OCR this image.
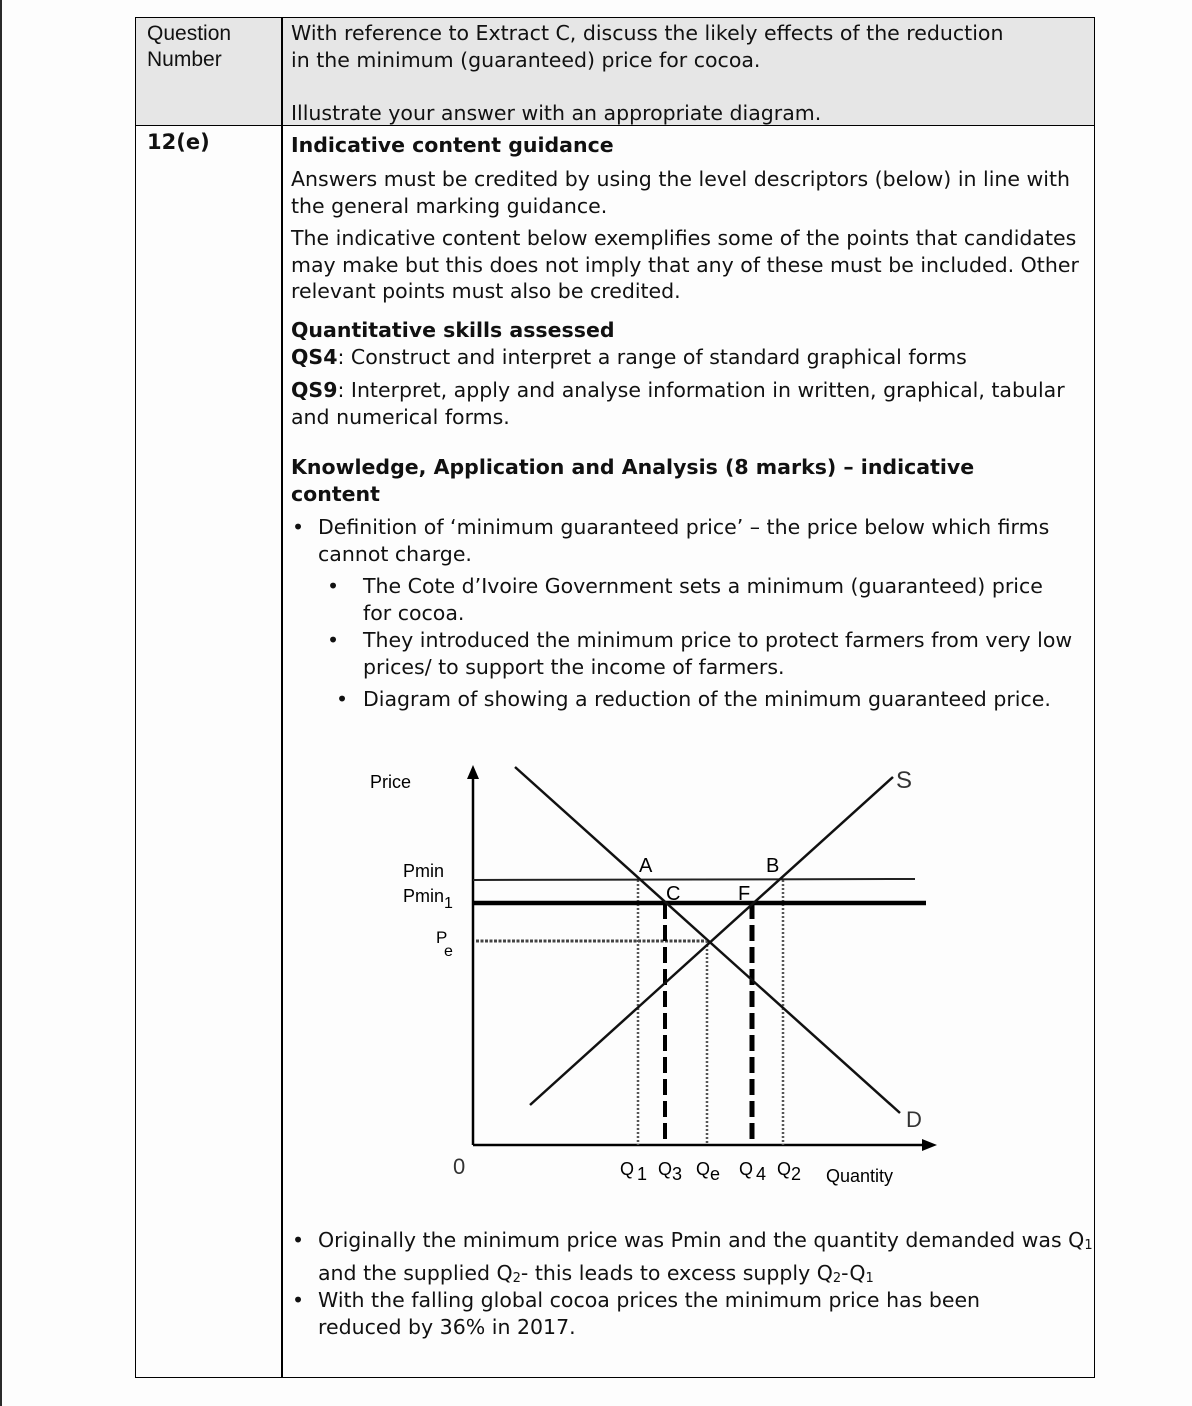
Question Number
With reference to Extract C, discuss the likely effects of the reduction
in the minimum (guaranteed) price for cocoa.
Illustrate your answer with an appropriate diagram.
12(e)	Indicative content guidance

Answers must be credited by using the level descriptors (below) in line with the general marking guidance.

The indicative content below exemplifies some of the points that candidates may make but this does not imply that any of these must be included. Other relevant points must also be credited.

Quantitative skills assessed

QS4: Construct and interpret a range of standard graphical forms

QS9: Interpret, apply and analyse information in written, graphical, tabular and numerical forms.

Knowledge, Application and Analysis (8 marks) – indicative content

• Definition of ‘minimum guaranteed price’ – the price below which firms cannot charge.
• The Cote d’Ivoire Government sets a minimum (guaranteed) price for cocoa.
• They introduced the minimum price to protect farmers from very low prices/ to support the income of farmers.
• Diagram of showing a reduction of the minimum guaranteed price.
• Originally the minimum price was Pmin and the quantity demanded was $Q_1$ and the supplied $Q_2-$ this leads to excess supply $Q_2-Q_1$
• With the falling global cocoa prices the minimum price has been reduced by 36% in 2017.
Price
Pmin
Pmin1
P e
0
A	B
C	F
S
D
Q 1 Q3 Qe Q 4 Q2 Quantity
